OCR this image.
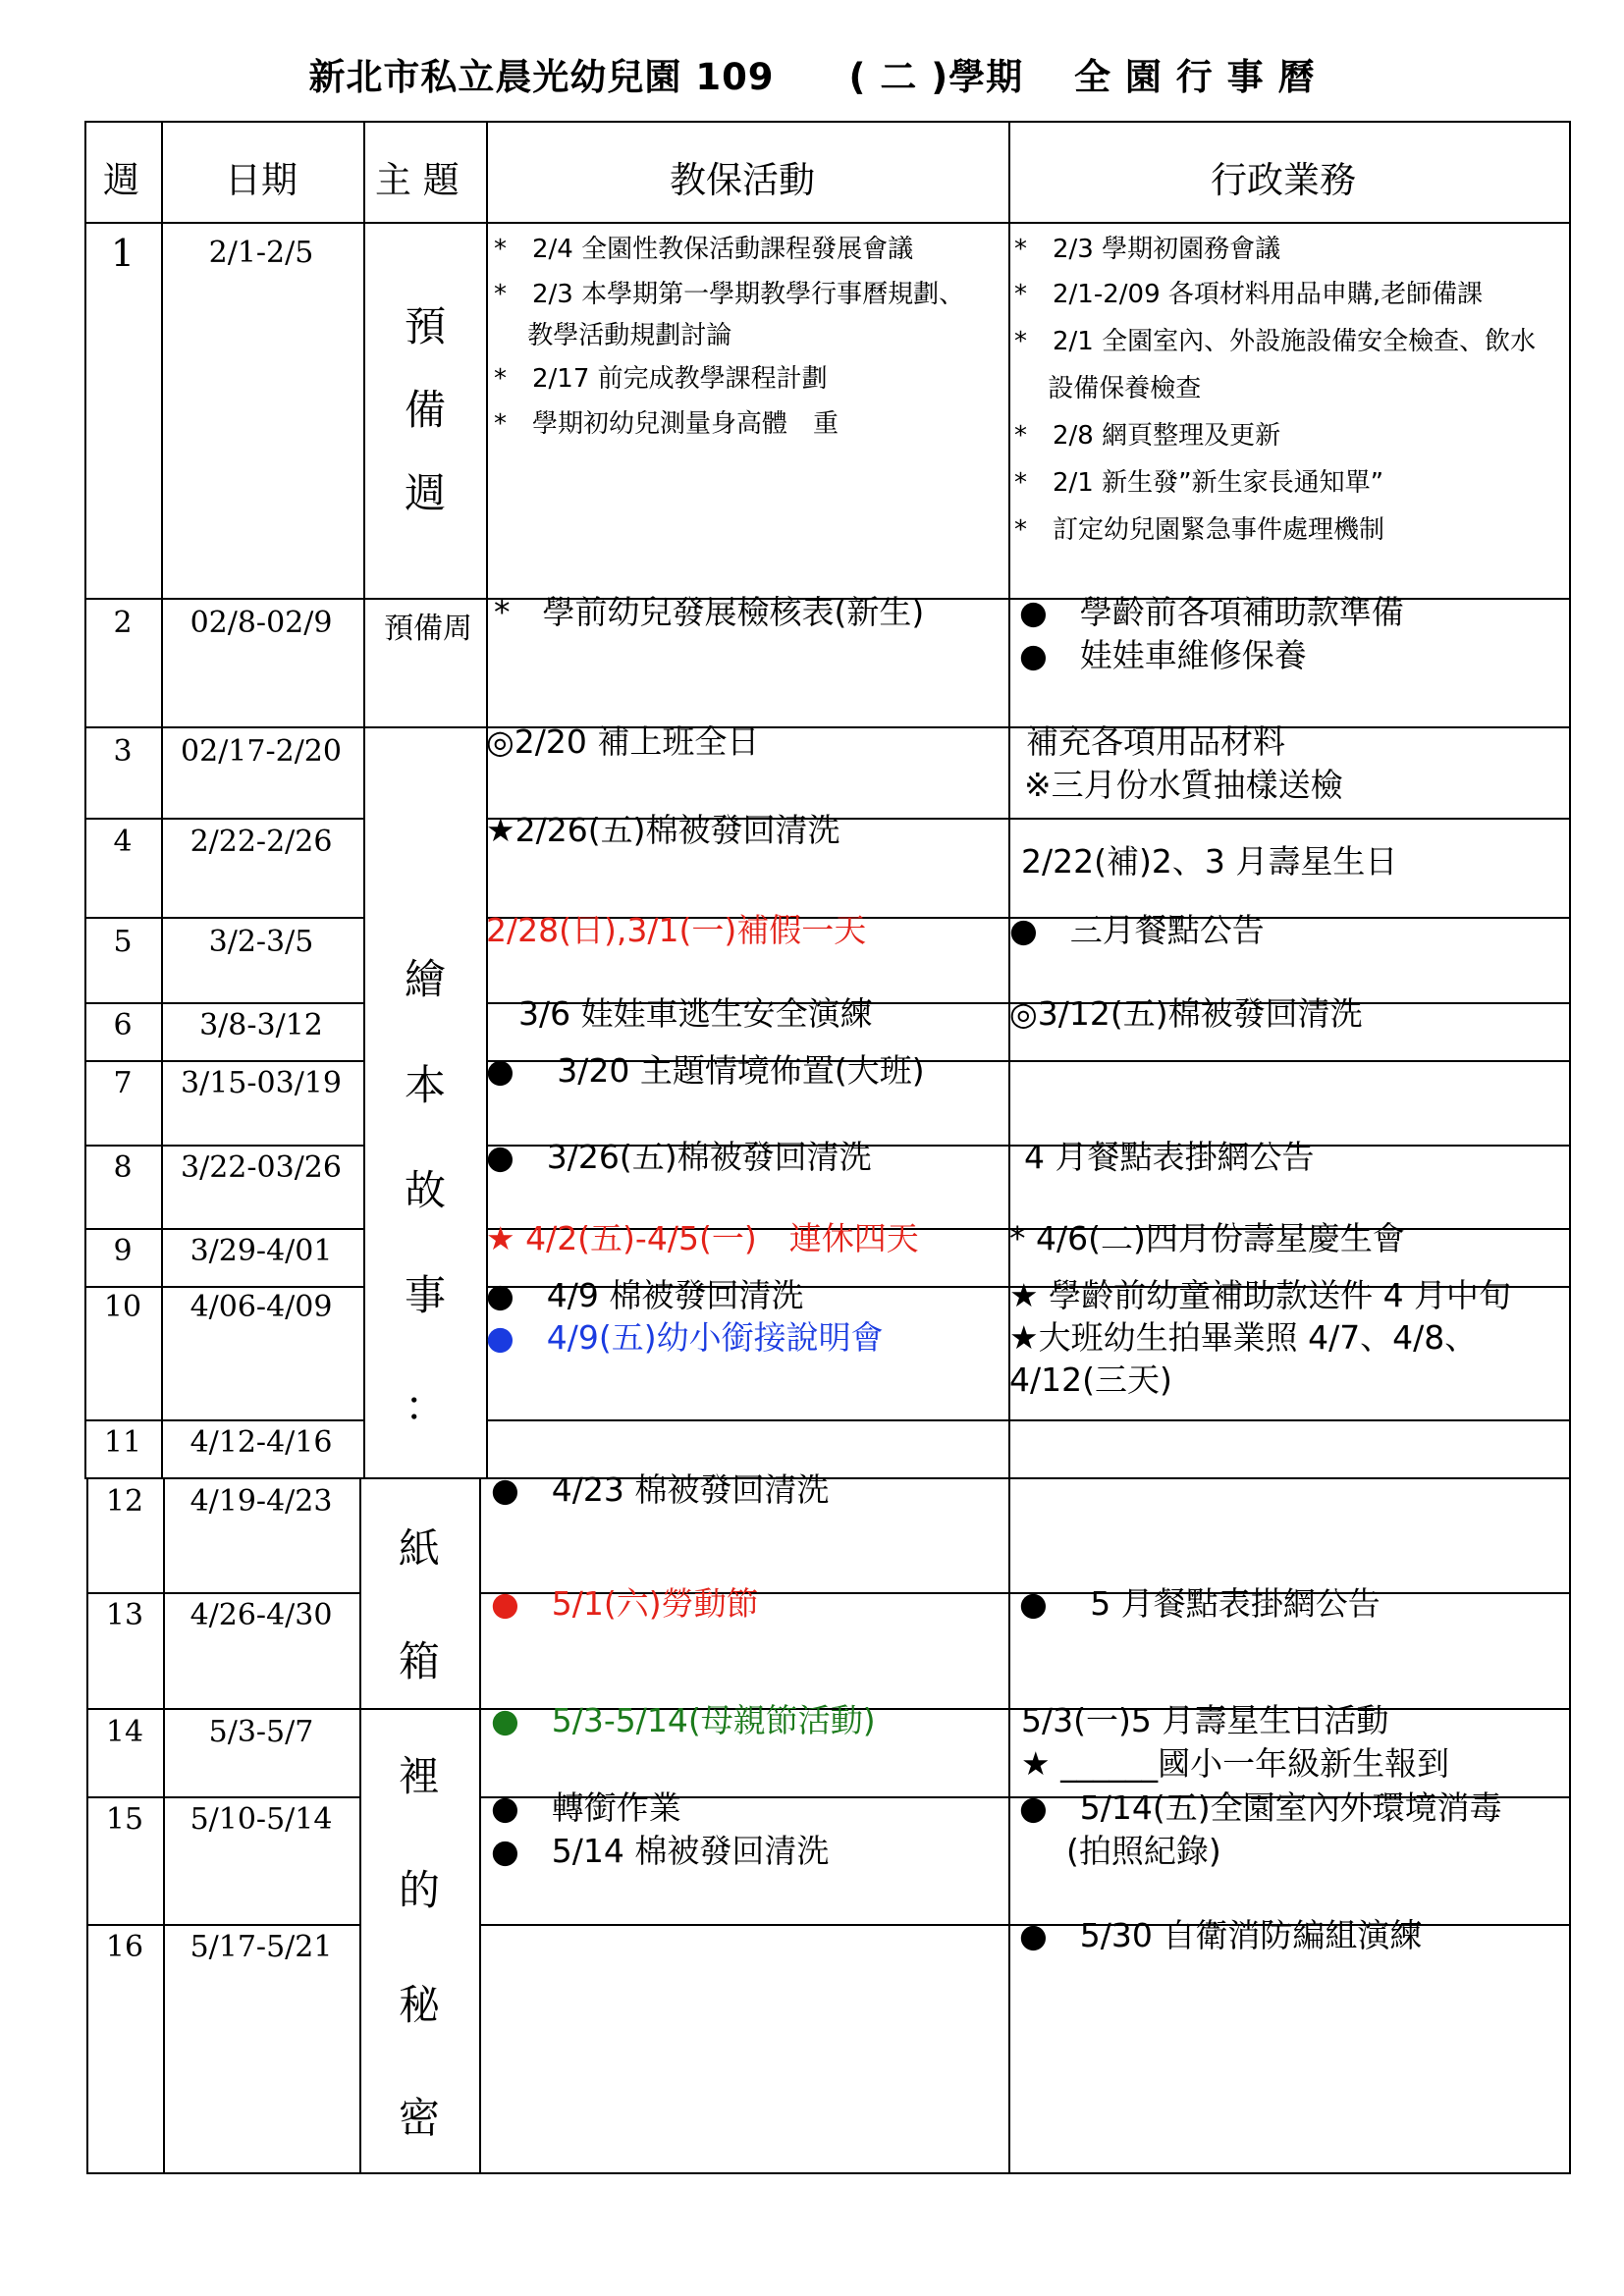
新北市私立晨光幼兒園 109　　( 二 )學期　 全 園 行 事 曆
週 日期 主 題	教保活動	行政業務
1
2
3
4
5
6
7
8
9
10
11
12
13
14
15
16
2/1-2/5
02/8-02/9
02/17-2/20
2/22-2/26
3/2-3/5
3/8-3/12
3/15-03/19
3/22-03/26
3/29-4/01
4/06-4/09
4/12-4/16
4/19-4/23
4/26-4/30
5/3-5/7
5/10-5/14
5/17-5/21
預
備
週
預備周
繪
本
故
事
：
紙
箱
裡
的
秘
密
*　2/4 全園性教保活動課程發展會議
*　2/3 本學期第一學期教學行事曆規劃、
　 教學活動規劃討論
*　2/17 前完成教學課程計劃
*　學期初幼兒測量身高體　重
*　學前幼兒發展檢核表(新生)
◎2/20 補上班全日
★2/26(五)棉被發回清洗
2/28(日),3/1(一)補假一天
　3/6 娃娃車逃生安全演練
●　 3/20 主題情境佈置(大班)
●　3/26(五)棉被發回清洗
★ 4/2(五)-4/5(一)　連休四天
●　4/9 棉被發回清洗
●　4/9(五)幼小銜接說明會
●　4/23 棉被發回清洗
●　5/1(六)勞動節
●　5/3-5/14(母親節活動)
●　轉銜作業
●　5/14 棉被發回清洗
*　2/3 學期初園務會議
*　2/1-2/09 各項材料用品申購,老師備課
*　2/1 全園室內、外設施設備安全檢查、飲水
　 設備保養檢查
*　2/8 網頁整理及更新
*　2/1 新生發”新生家長通知單”
*　訂定幼兒園緊急事件處理機制
●　學齡前各項補助款準備
●　娃娃車維修保養
補充各項用品材料
※三月份水質抽樣送檢
2/22(補)2、3 月壽星生日
●　三月餐點公告
◎3/12(五)棉被發回清洗
4 月餐點表掛網公告
* 4/6(二)四月份壽星慶生會
★ 學齡前幼童補助款送件 4 月中旬
★大班幼生拍畢業照 4/7、4/8、
4/12(三天)
●　 5 月餐點表掛網公告
5/3(一)5 月壽星生日活動
★ ______國小一年級新生報到
●　5/14(五)全園室內外環境消毒
(拍照紀錄)
●　5/30 自衛消防編組演練
